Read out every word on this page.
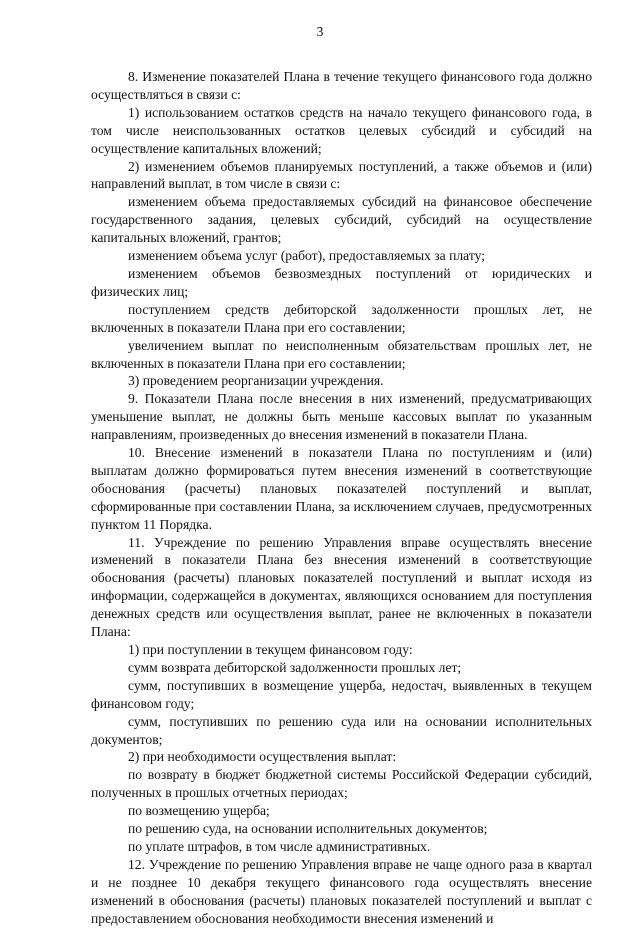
3

8. Изменение показателей Плана в течение текущего финансового года должно осуществляться в связи с:

1) использованием остатков средств на начало текущего финансового года, в том числе неиспользованных остатков целевых субсидий и субсидий на осуществление капитальных вложений;

2) изменением объемов планируемых поступлений, а также объемов и (или) направлений выплат, в том числе в связи с:

изменением объема предоставляемых субсидий на финансовое обеспечение государственного задания, целевых субсидий, субсидий на осуществление капитальных вложений, грантов;

изменением объема услуг (работ), предоставляемых за плату;

изменением объемов безвозмездных поступлений от юридических и физических лиц;

поступлением средств дебиторской задолженности прошлых лет, не включенных в показатели Плана при его составлении;

увеличением выплат по неисполненным обязательствам прошлых лет, не включенных в показатели Плана при его составлении;

3) проведением реорганизации учреждения.

9. Показатели Плана после внесения в них изменений, предусматривающих уменьшение выплат, не должны быть меньше кассовых выплат по указанным направлениям, произведенных до внесения изменений в показатели Плана.

10. Внесение изменений в показатели Плана по поступлениям и (или) выплатам должно формироваться путем внесения изменений в соответствующие обоснования (расчеты) плановых показателей поступлений и выплат, сформированные при составлении Плана, за исключением случаев, предусмотренных пунктом 11 Порядка.

11. Учреждение по решению Управления вправе осуществлять внесение изменений в показатели Плана без внесения изменений в соответствующие обоснования (расчеты) плановых показателей поступлений и выплат исходя из информации, содержащейся в документах, являющихся основанием для поступления денежных средств или осуществления выплат, ранее не включенных в показатели Плана:

1) при поступлении в текущем финансовом году:

сумм возврата дебиторской задолженности прошлых лет;

сумм, поступивших в возмещение ущерба, недостач, выявленных в текущем финансовом году;

сумм, поступивших по решению суда или на основании исполнительных документов;

2) при необходимости осуществления выплат:

по возврату в бюджет бюджетной системы Российской Федерации субсидий, полученных в прошлых отчетных периодах;

по возмещению ущерба;

по решению суда, на основании исполнительных документов;

по уплате штрафов, в том числе административных.

12. Учреждение по решению Управления вправе не чаще одного раза в квартал и не позднее 10 декабря текущего финансового года осуществлять внесение изменений в обоснования (расчеты) плановых показателей поступлений и выплат с предоставлением обоснования необходимости внесения изменений и
